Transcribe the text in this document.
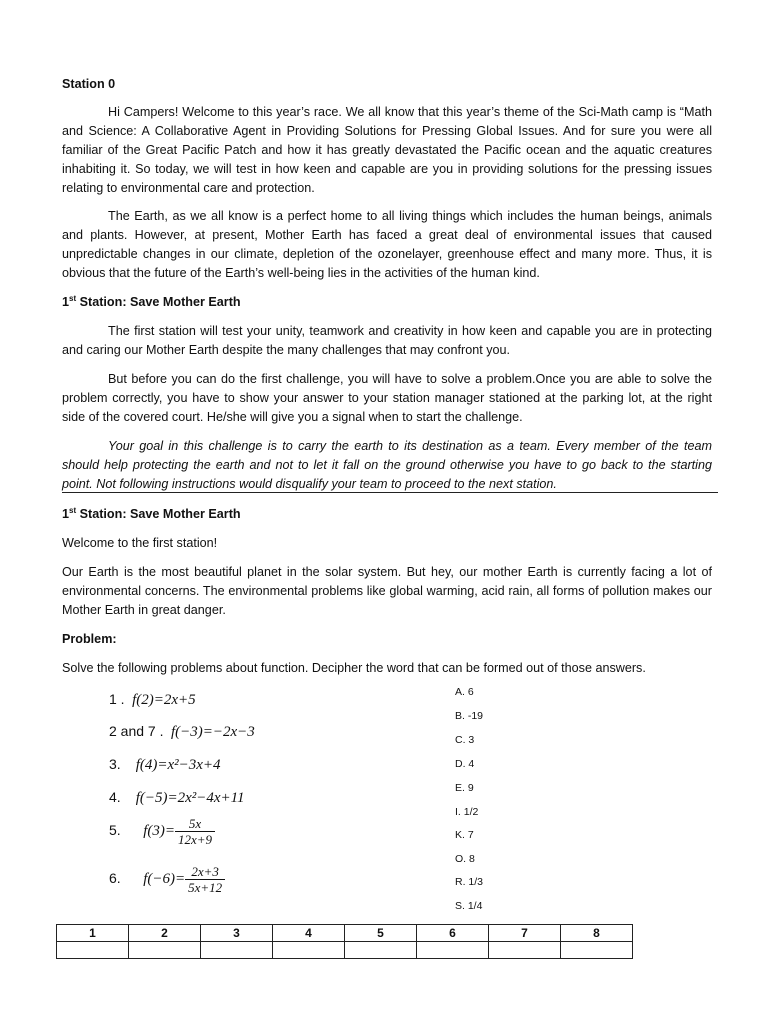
Station 0

Hi Campers! Welcome to this year’s race. We all know that this year’s theme of the Sci-Math camp is “Math and Science: A Collaborative Agent in Providing Solutions for Pressing Global Issues. And for sure you were all familiar of the Great Pacific Patch and how it has greatly devastated the Pacific ocean and the aquatic creatures inhabiting it. So today, we will test in how keen and capable are you in providing solutions for the pressing issues relating to environmental care and protection.

The Earth, as we all know is a perfect home to all living things which includes the human beings, animals and plants. However, at present, Mother Earth has faced a great deal of environmental issues that caused unpredictable changes in our climate, depletion of the ozonelayer, greenhouse effect and many more. Thus, it is obvious that the future of the Earth’s well-being lies in the activities of the human kind.

1st Station: Save Mother Earth

The first station will test your unity, teamwork and creativity in how keen and capable you are in protecting and caring our Mother Earth despite the many challenges that may confront you.

But before you can do the first challenge, you will have to solve a problem.Once you are able to solve the problem correctly, you have to show your answer to your station manager stationed at the parking lot, at the right side of the covered court. He/she will give you a signal when to start the challenge.

Your goal in this challenge is to carry the earth to its destination as a team. Every member of the team should help protecting the earth and not to let it fall on the ground otherwise you have to go back to the starting point. Not following instructions would disqualify your team to proceed to the next station.

1st Station: Save Mother Earth

Welcome to the first station!

Our Earth is the most beautiful planet in the solar system. But hey, our mother Earth is currently facing a lot of environmental concerns. The environmental problems like global warming, acid rain, all forms of pollution makes our Mother Earth in great danger.

Problem:

Solve the following problems about function. Decipher the word that can be formed out of those answers.

1 . f(2)=2x+5
2 and 7 . f(−3)=−2x−3
3. f(4)=x²−3x+4
4. f(−5)=2x²−4x+11
5. $f(3)= \frac{5x}{12x+9}$
6. $f(-6)= \frac{2x+3}{5x+12}$
A. 6
B. -19
C. 3
D. 4
E. 9
I. 1/2
K. 7
O. 8
R. 1/3
S. 1/4
1	2	3	4	5	6	7	8
